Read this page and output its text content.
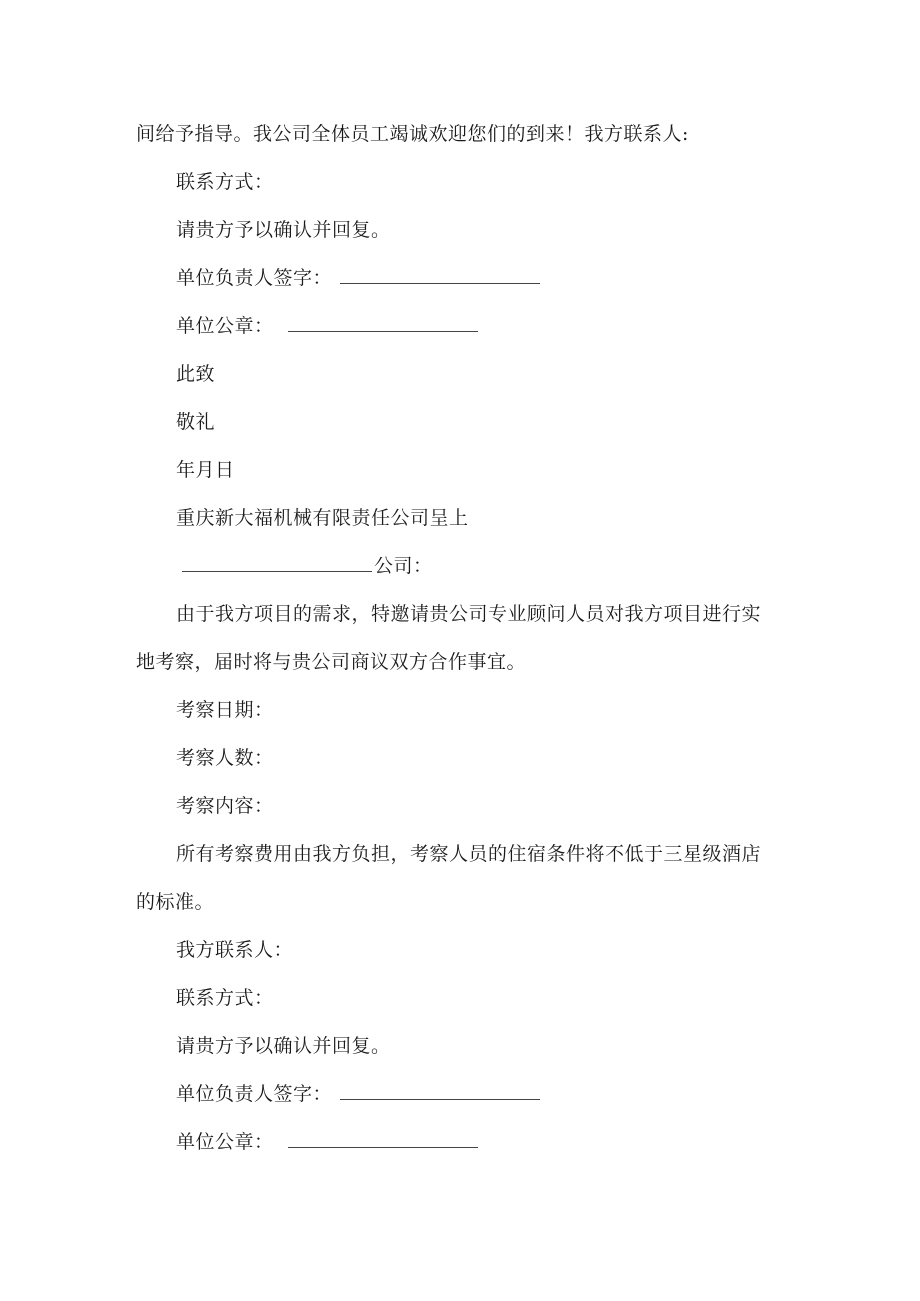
间给予指导。我公司全体员工竭诚欢迎您们的到来！我方联系人:
联系方式：
请贵方予以确认并回复。
单位负责人签字：
单位公章：
此致
敬礼
年月日
重庆新大福机械有限责任公司呈上
公司：
由于我方项目的需求，特邀请贵公司专业顾问人员对我方项目进行实
地考察，届时将与贵公司商议双方合作事宜。
考察日期：
考察人数：
考察内容：
所有考察费用由我方负担，考察人员的住宿条件将不低于三星级酒店
的标准。
我方联系人：
联系方式：
请贵方予以确认并回复。
单位负责人签字：
单位公章：
